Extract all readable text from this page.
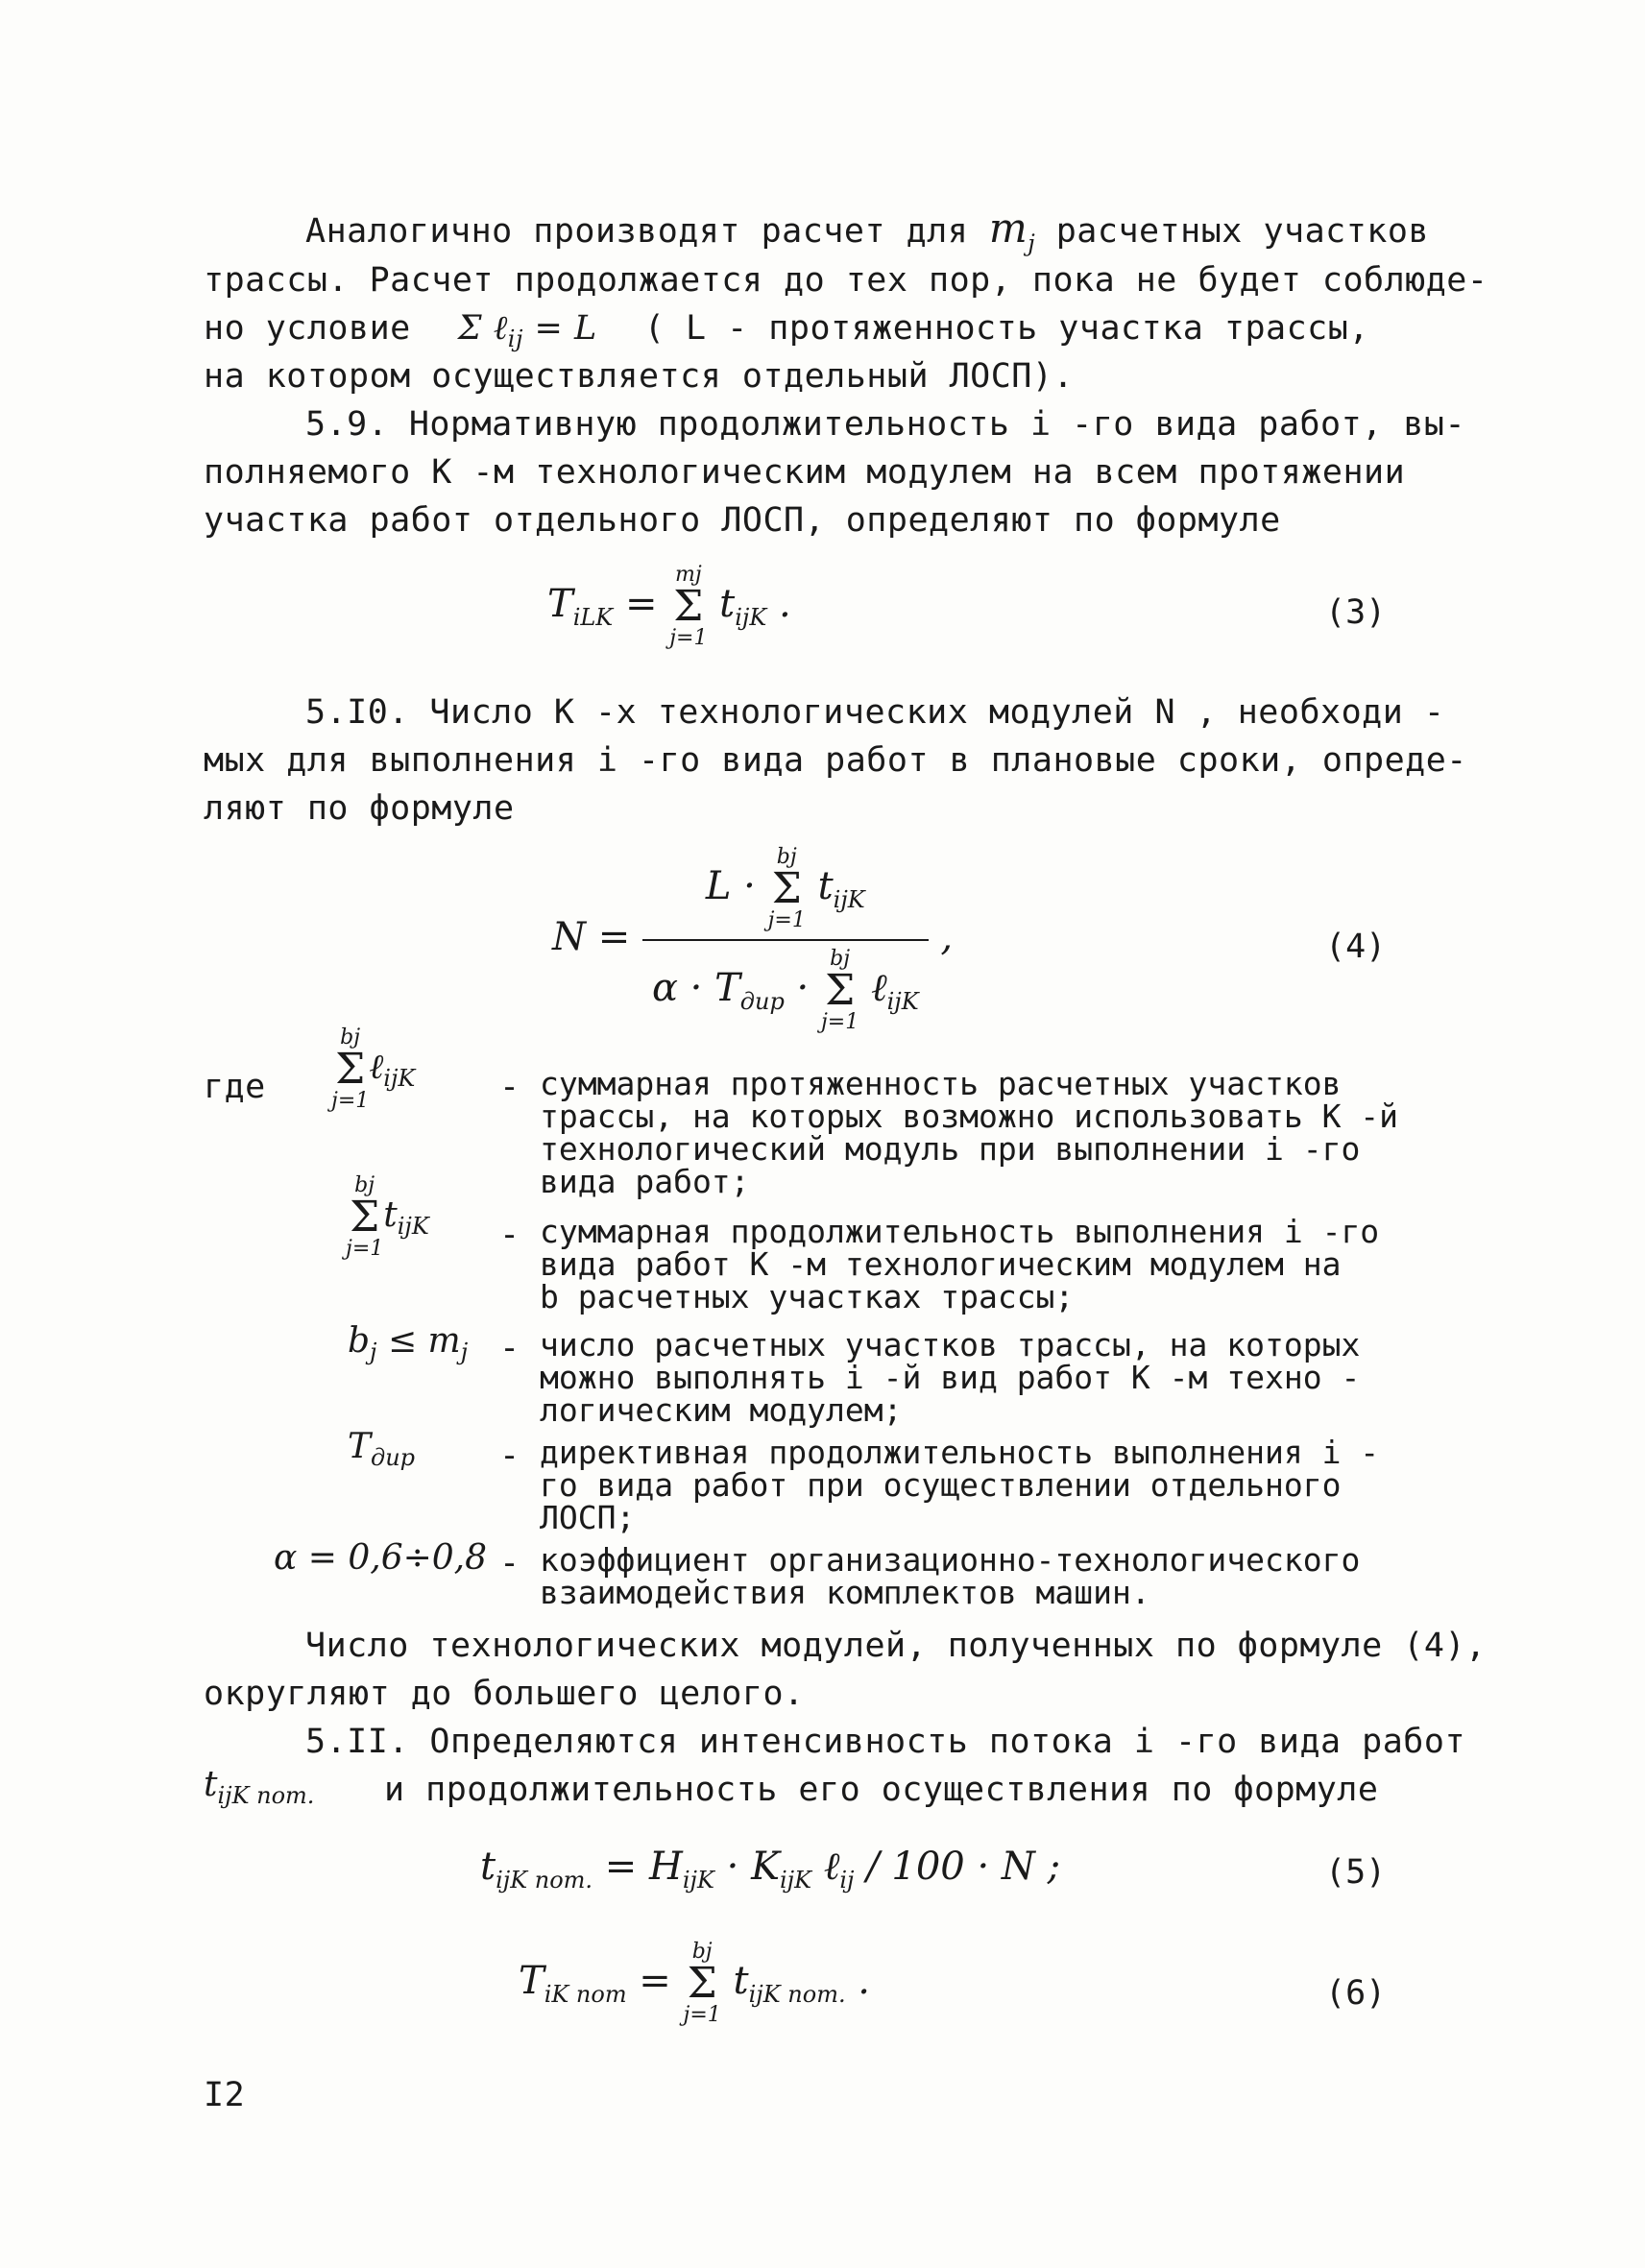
Аналогично производят расчет для $m_j$ расчетных участков
трассы. Расчет продолжается до тех пор, пока не будет соблюде-
но условие Σ ℓ$_{ij}$ = L ( L - протяженность участка трассы,
на котором осуществляется отдельный ЛОСП).
5.9. Нормативную продолжительность i -го вида работ, вы-
полняемого K -м технологическим модулем на всем протяжении
участка работ отдельного ЛОСП, определяют по формуле
$T_{iLK}$ =
mj
Σ
j=1
$t_{ijK}$ .	(3)
5.I0. Число K -х технологических модулей N , необходи -
мых для выполнения i -го вида работ в плановые сроки, опреде-
ляют по формуле
N = L ·
bj
Σ
j=1
$t_{ijK}$
$\alpha \cdot T_{дир}$ ·
bj
Σ
j=1
ℓ$_{ijK}$ ,	(4)
где
bj
Σ
j=1
ℓ$_{ijK}$	- суммарная протяженность расчетных участков
трассы, на которых возможно использовать K -й
технологический модуль при выполнении i -го
вида работ;
bj
Σ
j=1
$t_{ijK}$ - суммарная продолжительность выполнения i -го
вида работ K -м технологическим модулем на
b расчетных участках трассы;
$b_j \le m_j$ - число расчетных участков трассы, на которых
можно выполнять i -й вид работ K -м техно -
логическим модулем;
$T_{дир}$	- директивная продолжительность выполнения i -
го вида работ при осуществлении отдельного
ЛОСП;
α = 0,6÷0,8 - коэффициент организационно-технологического
взаимодействия комплектов машин.
Число технологических модулей, полученных по формуле (4),
округляют до большего целого.
5.II. Определяются интенсивность потока i -го вида работ
$t_{ijK пот.}$ и продолжительность его осуществления по формуле
$t_{ijK пот.} = H_{ijK} \cdot K_{ijK}$ ℓ$_{ij}$ / 100 · N ;	(5)
$T_{iK пот}$ =
bj
Σ
j=1
$t_{ijK пот.}$ .	(6)
I2
